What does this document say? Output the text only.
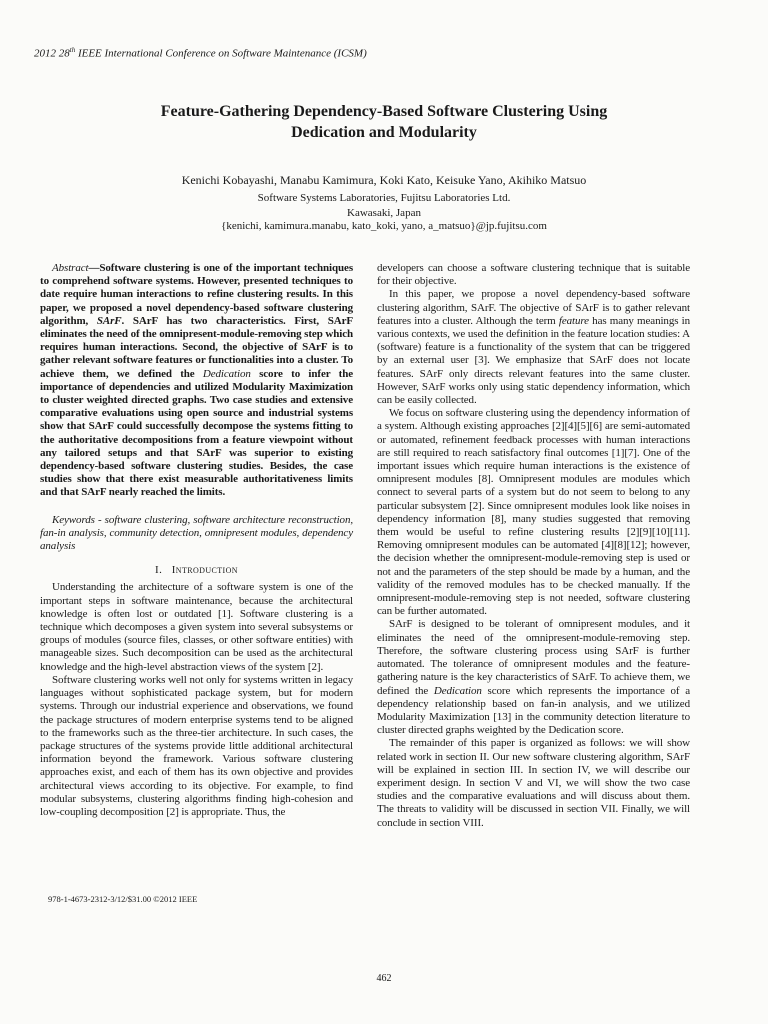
2012 28th IEEE International Conference on Software Maintenance (ICSM)
Feature-Gathering Dependency-Based Software Clustering Using
Dedication and Modularity
Kenichi Kobayashi, Manabu Kamimura, Koki Kato, Keisuke Yano, Akihiko Matsuo
Software Systems Laboratories, Fujitsu Laboratories Ltd.
Kawasaki, Japan
{kenichi, kamimura.manabu, kato_koki, yano, a_matsuo}@jp.fujitsu.com

Abstract—Software clustering is one of the important techniques to comprehend software systems. However, presented techniques to date require human interactions to refine clustering results. In this paper, we proposed a novel dependency-based software clustering algorithm, SArF. SArF has two characteristics. First, SArF eliminates the need of the omnipresent-module-removing step which requires human interactions. Second, the objective of SArF is to gather relevant software features or functionalities into a cluster. To achieve them, we defined the Dedication score to infer the importance of dependencies and utilized Modularity Maximization to cluster weighted directed graphs. Two case studies and extensive comparative evaluations using open source and industrial systems show that SArF could successfully decompose the systems fitting to the authoritative decompositions from a feature viewpoint without any tailored setups and that SArF was superior to existing dependency-based software clustering studies. Besides, the case studies show that there exist measurable authoritativeness limits and that SArF nearly reached the limits.

Keywords - software clustering, software architecture reconstruction, fan-in analysis, community detection, omnipresent modules, dependency analysis

I. Introduction

Understanding the architecture of a software system is one of the important steps in software maintenance, because the architectural knowledge is often lost or outdated [1]. Software clustering is a technique which decomposes a given system into several subsystems or groups of modules (source files, classes, or other software entities) with manageable sizes. Such decomposition can be used as the architectural knowledge and the high-level abstraction views of the system [2].

Software clustering works well not only for systems written in legacy languages without sophisticated package system, but for modern systems. Through our industrial experience and observations, we found the package structures of modern enterprise systems tend to be aligned to the frameworks such as the three-tier architecture. In such cases, the package structures of the systems provide little additional architectural information beyond the framework. Various software clustering approaches exist, and each of them has its own objective and provides architectural views according to its objective. For example, to find modular subsystems, clustering algorithms finding high-cohesion and low-coupling decomposition [2] is appropriate. Thus, the

developers can choose a software clustering technique that is suitable for their objective.

In this paper, we propose a novel dependency-based software clustering algorithm, SArF. The objective of SArF is to gather relevant features into a cluster. Although the term feature has many meanings in various contexts, we used the definition in the feature location studies: A (software) feature is a functionality of the system that can be triggered by an external user [3]. We emphasize that SArF does not locate features. SArF only directs relevant features into the same cluster. However, SArF works only using static dependency information, which can be easily collected.

We focus on software clustering using the dependency information of a system. Although existing approaches [2][4][5][6] are semi-automated or automated, refinement feedback processes with human interactions are still required to reach satisfactory final outcomes [1][7]. One of the important issues which require human interactions is the existence of omnipresent modules [8]. Omnipresent modules are modules which connect to several parts of a system but do not seem to belong to any particular subsystem [2]. Since omnipresent modules look like noises in dependency information [8], many studies suggested that removing them would be useful to refine clustering results [2][9][10][11]. Removing omnipresent modules can be automated [4][8][12]; however, the decision whether the omnipresent-module-removing step is used or not and the parameters of the step should be made by a human, and the validity of the removed modules has to be checked manually. If the omnipresent-module-removing step is not needed, software clustering can be further automated.

SArF is designed to be tolerant of omnipresent modules, and it eliminates the need of the omnipresent-module-removing step. Therefore, the software clustering process using SArF is further automated. The tolerance of omnipresent modules and the feature-gathering nature is the key characteristics of SArF. To achieve them, we defined the Dedication score which represents the importance of a dependency relationship based on fan-in analysis, and we utilized Modularity Maximization [13] in the community detection literature to cluster directed graphs weighted by the Dedication score.

The remainder of this paper is organized as follows: we will show related work in section II. Our new software clustering algorithm, SArF will be explained in section III. In section IV, we will describe our experiment design. In section V and VI, we will show the two case studies and the comparative evaluations and will discuss about them. The threats to validity will be discussed in section VII. Finally, we will conclude in section VIII.

978-1-4673-2312-3/12/$31.00 ©2012 IEEE
462
